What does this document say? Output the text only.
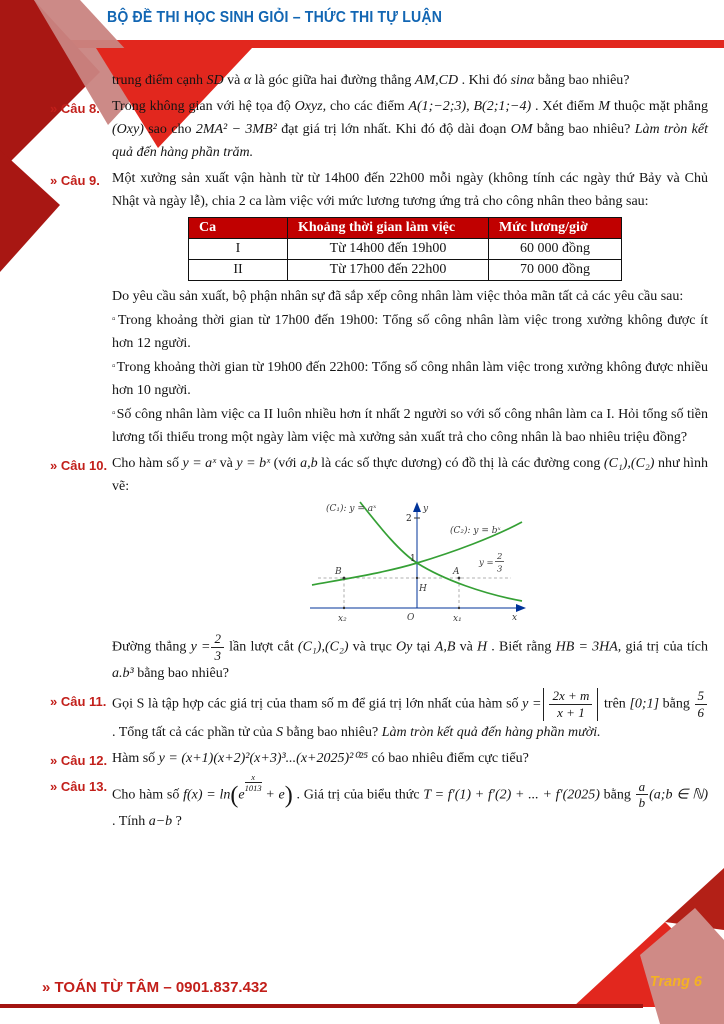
BỘ ĐỀ THI HỌC SINH GIỎI – THỨC THI TỰ LUẬN

trung điểm cạnh SD và α là góc giữa hai đường thẳng AM,CD . Khi đó sinα bằng bao nhiêu?

» Câu 8. Trong không gian với hệ tọa độ Oxyz, cho các điểm A(1;−2;3), B(2;1;−4) . Xét điểm M thuộc mặt phẳng (Oxy) sao cho 2MA² − 3MB² đạt giá trị lớn nhất. Khi đó độ dài đoạn OM bằng bao nhiêu? Làm tròn kết quả đến hàng phần trăm.
» Câu 9. Một xưởng sản xuất vận hành từ từ 14h00 đến 22h00 mỗi ngày (không tính các ngày thứ Bảy và Chủ Nhật và ngày lễ), chia 2 ca làm việc với mức lương tương ứng trả cho công nhân theo bảng sau:
Ca	Khoảng thời gian làm việc	Mức lương/giờ
I	Từ 14h00 đến 19h00	60 000 đồng
II	Từ 17h00 đến 22h00	70 000 đồng
Do yêu cầu sản xuất, bộ phận nhân sự đã sắp xếp công nhân làm việc thỏa mãn tất cả các yêu cầu sau:
▫Trong khoảng thời gian từ 17h00 đến 19h00: Tổng số công nhân làm việc trong xưởng không được ít hơn 12 người.
▫Trong khoảng thời gian từ 19h00 đến 22h00: Tổng số công nhân làm việc trong xưởng không được nhiều hơn 10 người.
▫Số công nhân làm việc ca II luôn nhiều hơn ít nhất 2 người so với số công nhân làm ca I. Hỏi tổng số tiền lương tối thiểu trong một ngày làm việc mà xưởng sản xuất trả cho công nhân là bao nhiêu triệu đồng?
» Câu 10. Cho hàm số y = aˣ và y = bˣ (với a,b là các số thực dương) có đồ thị là các đường cong (C₁),(C₂) như hình vẽ:
(C₁): y = aˣ	y
(C₂): y = bˣ
2
1
B	A
H
O
x₂	x₁	x
y =
2
3
Đường thẳng $y = \frac{2}{3}$ lần lượt cắt (C₁),(C₂) và trục Oy tại A,B và H . Biết rằng HB = 3HA, giá trị của tích a.b³ bằng bao nhiêu?
» Câu 11. Gọi S là tập hợp các giá trị của tham số m để giá trị lớn nhất của hàm số $y = \frac{2x + m}{x + 1}$ trên [0;1] bằng $\frac{5}{6}$
. Tổng tất cả các phần tử của S bằng bao nhiêu? Làm tròn kết quả đến hàng phần mười.
» Câu 12. Hàm số y = (x+1)(x+2)²(x+3)³...(x+2025)²⁰²⁵ có bao nhiêu điểm cực tiểu?
» Câu 13.
Cho hàm số f(x) = ln(e
$\frac{x}{1013}$
+ e) . Giá trị của biểu thức T = f′(1) + f′(2) + ... + f′(2025) bằng $\frac{a}{b}$ (a;b ∈ ℕ) . Tính a−b ?
» TOÁN TỪ TÂM – 0901.837.432	Trang 6
